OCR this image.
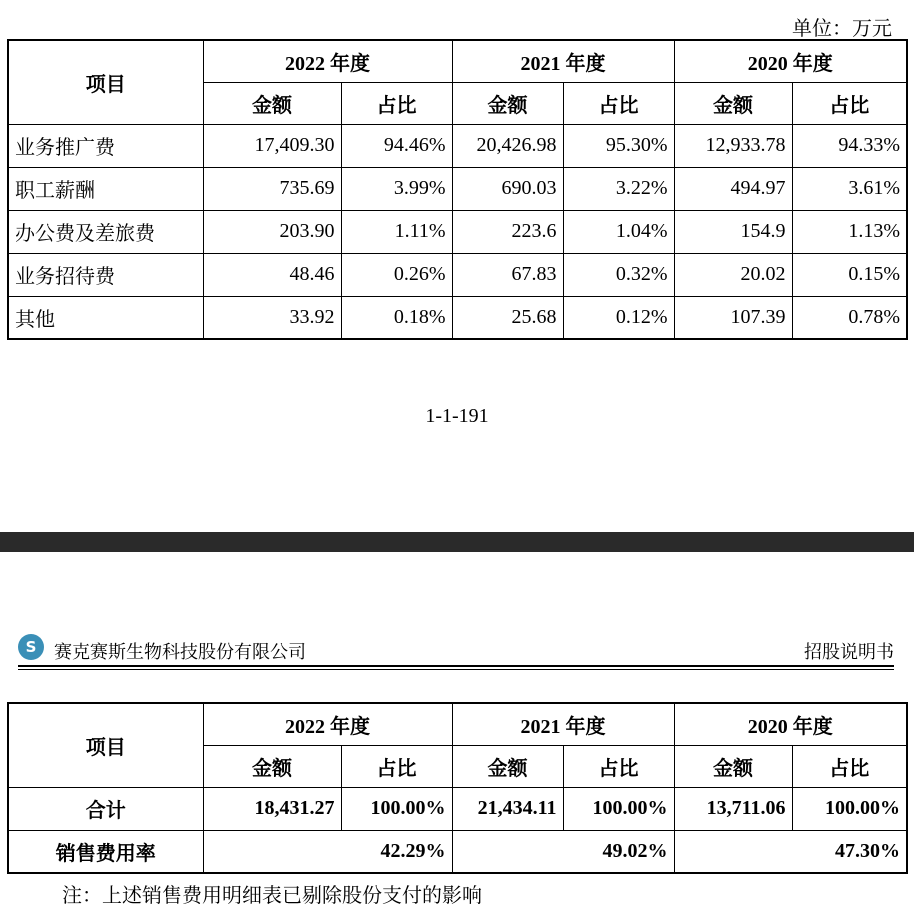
单位：万元
项目	2022 年度		2021 年度		2020 年度	
	金额	占比	金额	占比	金额	占比
业务推广费	17,409.30	94.46%	20,426.98	95.30%	12,933.78	94.33%
职工薪酬	735.69	3.99%	690.03	3.22%	494.97	3.61%
办公费及差旅费	203.90	1.11%	223.6	1.04%	154.9	1.13%
业务招待费	48.46	0.26%	67.83	0.32%	20.02	0.15%
其他	33.92	0.18%	25.68	0.12%	107.39	0.78%
1-1-191
S 赛克赛斯生物科技股份有限公司	招股说明书
项目	2022 年度		2021 年度		2020 年度	
	金额	占比	金额	占比	金额	占比
合计	18,431.27	100.00%	21,434.11	100.00%	13,711.06	100.00%
销售费用率	42.29%		49.02%		47.30%	
注：上述销售费用明细表已剔除股份支付的影响
